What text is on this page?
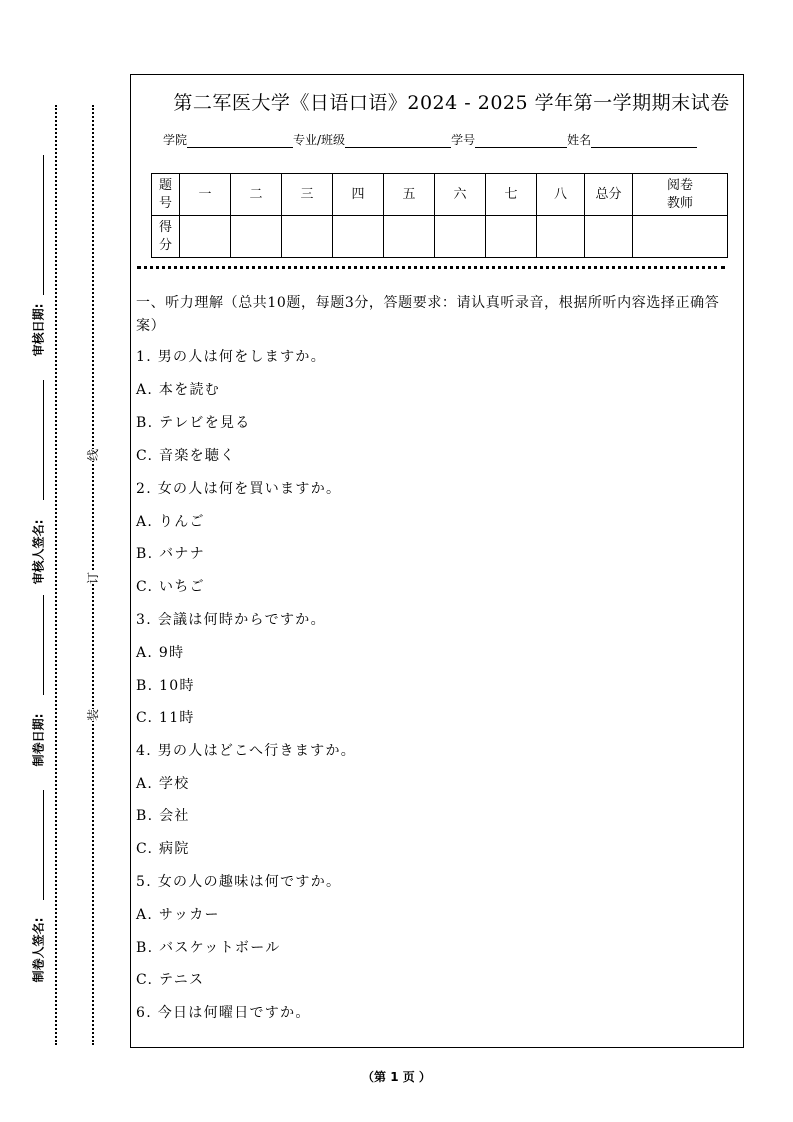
审核日期:
审核人签名:
制卷日期:
制卷人签名:
线
订
装
第二军医大学《日语口语》2024 - 2025 学年第一学期期末试卷
学院	专业/班级	学号	姓名
题号	一	二	三	四	五	六	七	八	总分	阅卷教师
得分										
一、听力理解（总共10题，每题3分，答题要求：请认真听录音，根据所听内容选择正确答案）
1. 男の人は何をしますか。
A. 本を読む
B. テレビを見る
C. 音楽を聴く
2. 女の人は何を買いますか。
A. りんご
B. バナナ
C. いちご
3. 会議は何時からですか。
A. 9時
B. 10時
C. 11時
4. 男の人はどこへ行きますか。
A. 学校
B. 会社
C. 病院
5. 女の人の趣味は何ですか。
A. サッカー
B. バスケットボール
C. テニス
6. 今日は何曜日ですか。
（第 1 页 ）
